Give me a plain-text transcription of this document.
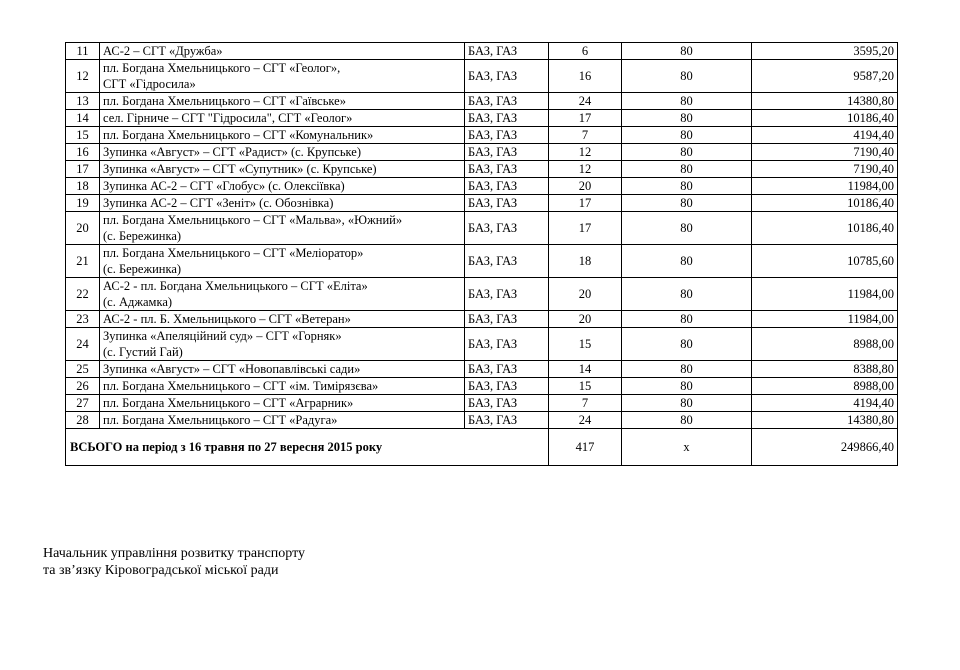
11	АС-2 – СГТ «Дружба»	БАЗ, ГАЗ	6	80	3595,20
12	пл. Богдана Хмельницького – СГТ «Геолог»,
СГТ «Гідросила»	БАЗ, ГАЗ	16	80	9587,20
13	пл. Богдана Хмельницького – СГТ «Гаївське»	БАЗ, ГАЗ	24	80	14380,80
14	сел. Гірниче – СГТ "Гідросила", СГТ «Геолог»	БАЗ, ГАЗ	17	80	10186,40
15	пл. Богдана Хмельницького – СГТ «Комунальник»	БАЗ, ГАЗ	7	80	4194,40
16	Зупинка «Август» – СГТ «Радист» (с. Крупське)	БАЗ, ГАЗ	12	80	7190,40
17	Зупинка «Август» – СГТ «Супутник» (с. Крупське)	БАЗ, ГАЗ	12	80	7190,40
18	Зупинка АС-2 – СГТ «Глобус» (с. Олексіївка)	БАЗ, ГАЗ	20	80	11984,00
19	Зупинка АС-2 – СГТ «Зеніт» (с. Обознівка)	БАЗ, ГАЗ	17	80	10186,40
20	пл. Богдана Хмельницького – СГТ «Мальва», «Южний»
(с. Бережинка)	БАЗ, ГАЗ	17	80	10186,40
21	пл. Богдана Хмельницького – СГТ «Меліоратор»
(с. Бережинка)	БАЗ, ГАЗ	18	80	10785,60
22	АС-2 - пл. Богдана Хмельницького – СГТ «Еліта»
(с. Аджамка)	БАЗ, ГАЗ	20	80	11984,00
23	АС-2 - пл. Б. Хмельницького – СГТ «Ветеран»	БАЗ, ГАЗ	20	80	11984,00
24	Зупинка «Апеляційний суд» – СГТ «Горняк»
(с. Густий Гай)	БАЗ, ГАЗ	15	80	8988,00
25	Зупинка «Август» – СГТ «Новопавлівські сади»	БАЗ, ГАЗ	14	80	8388,80
26	пл. Богдана Хмельницького – СГТ «ім. Тимірязєва»	БАЗ, ГАЗ	15	80	8988,00
27	пл. Богдана Хмельницького – СГТ «Аграрник»	БАЗ, ГАЗ	7	80	4194,40
28	пл. Богдана Хмельницького – СГТ «Радуга»	БАЗ, ГАЗ	24	80	14380,80
ВСЬОГО на період з 16 травня по 27 вересня 2015 року			417	х	249866,40
Начальник управління розвитку транспорту
та зв’язку Кіровоградської міської ради
